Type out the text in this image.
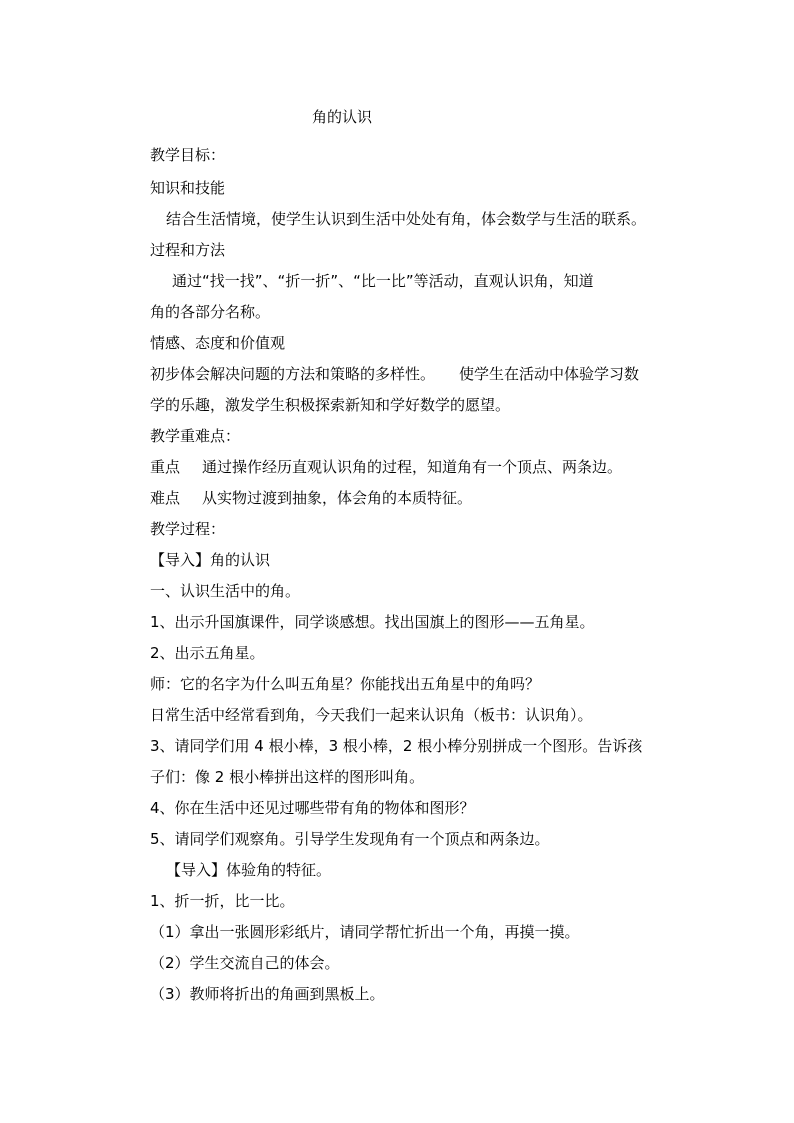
角的认识
教学目标：
知识和技能
结合生活情境，使学生认识到生活中处处有角，体会数学与生活的联系。
过程和方法
通过“找一找”、“折一折”、“比一比”等活动，直观认识角，知道
角的各部分名称。
情感、态度和价值观
初步体会解决问题的方法和策略的多样性。 使学生在活动中体验学习数
学的乐趣，激发学生积极探索新知和学好数学的愿望。
教学重难点：
重点 通过操作经历直观认识角的过程，知道角有一个顶点、两条边。
难点 从实物过渡到抽象，体会角的本质特征。
教学过程：
【导入】角的认识
一、认识生活中的角。
1、出示升国旗课件，同学谈感想。找出国旗上的图形——五角星。
2、出示五角星。
师：它的名字为什么叫五角星？你能找出五角星中的角吗？
日常生活中经常看到角，今天我们一起来认识角（板书：认识角）。
3、请同学们用 4 根小棒，3 根小棒，2 根小棒分别拼成一个图形。告诉孩
子们：像 2 根小棒拼出这样的图形叫角。
4、你在生活中还见过哪些带有角的物体和图形？
5、请同学们观察角。引导学生发现角有一个顶点和两条边。
【导入】体验角的特征。
1、折一折，比一比。
（1）拿出一张圆形彩纸片，请同学帮忙折出一个角，再摸一摸。
（2）学生交流自己的体会。
（3）教师将折出的角画到黑板上。
